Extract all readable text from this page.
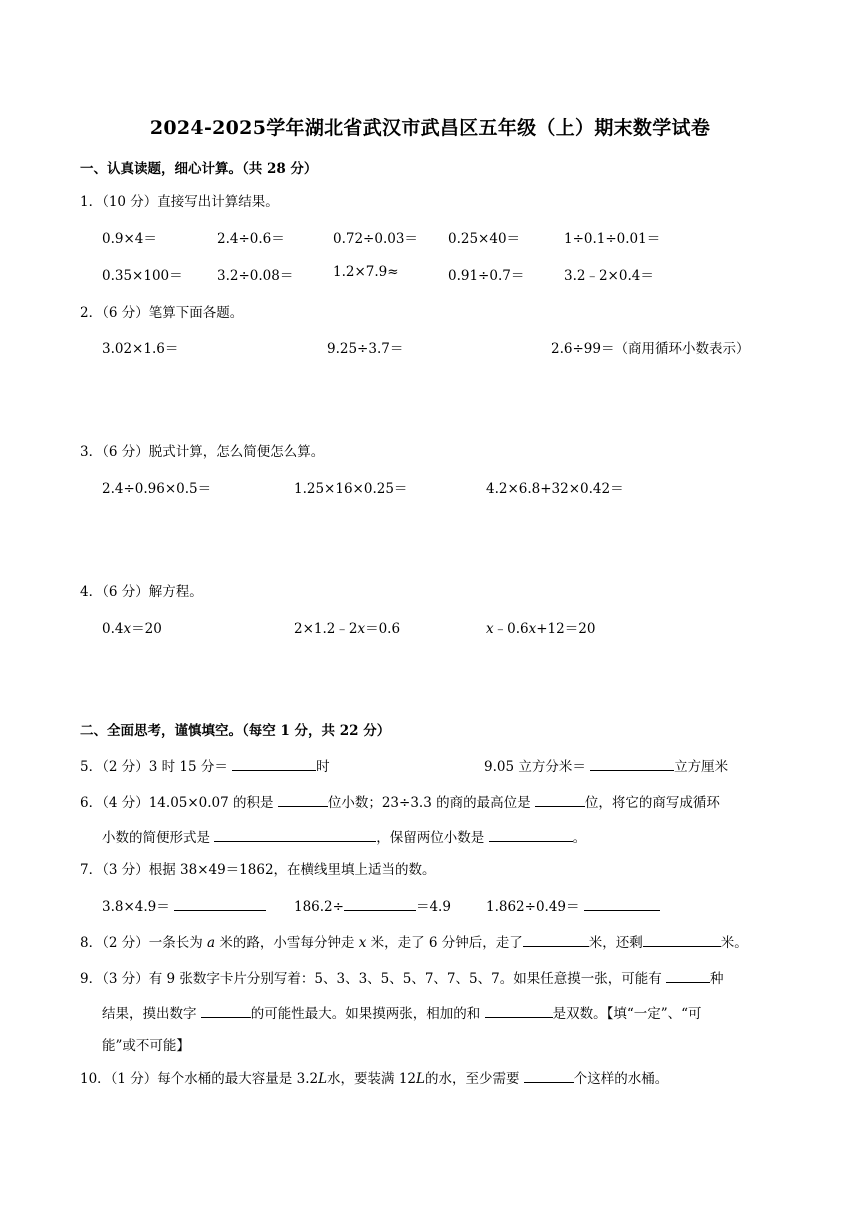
2024-2025学年湖北省武汉市武昌区五年级（上）期末数学试卷
一、认真读题，细心计算。（共 28 分）
1．（10 分）直接写出计算结果。
0.9×4＝	2.4÷0.6＝	0.72÷0.03＝ 0.25×40＝	1÷0.1÷0.01＝
0.35×100＝	3.2÷0.08＝	1.2×7.9≈	0.91÷0.7＝	3.2﹣2×0.4＝
2．（6 分）笔算下面各题。
3.02×1.6＝	9.25÷3.7＝	2.6÷99＝（商用循环小数表示）
3．（6 分）脱式计算，怎么简便怎么算。
2.4÷0.96×0.5＝	1.25×16×0.25＝	4.2×6.8+32×0.42＝
4．（6 分）解方程。
0.4x＝20	2×1.2﹣2x＝0.6	x﹣0.6x+12＝20
二、全面思考，谨慎填空。（每空 1 分，共 22 分）
5．（2 分）3 时 15 分＝	时	9.05 立方分米＝	立方厘米
6．（4 分）14.05×0.07 的积是	位小数；23÷3.3 的商的最高位是	位，将它的商写成循环
小数的简便形式是	，保留两位小数是	。
7．（3 分）根据 38×49＝1862，在横线里填上适当的数。
3.8×4.9＝	186.2÷	＝4.9	1.862÷0.49＝
8．（2 分）一条长为 a 米的路，小雪每分钟走 x 米，走了 6 分钟后，走了	米，还剩	米。
9．（3 分）有 9 张数字卡片分别写着：5、3、3、5、5、7、7、5、7。如果任意摸一张，可能有	种
结果，摸出数字	的可能性最大。如果摸两张，相加的和	是双数。【填“一定”、“可
能”或不可能】
10．（1 分）每个水桶的最大容量是 3.2L水，要装满 12L的水，至少需要	个这样的水桶。
